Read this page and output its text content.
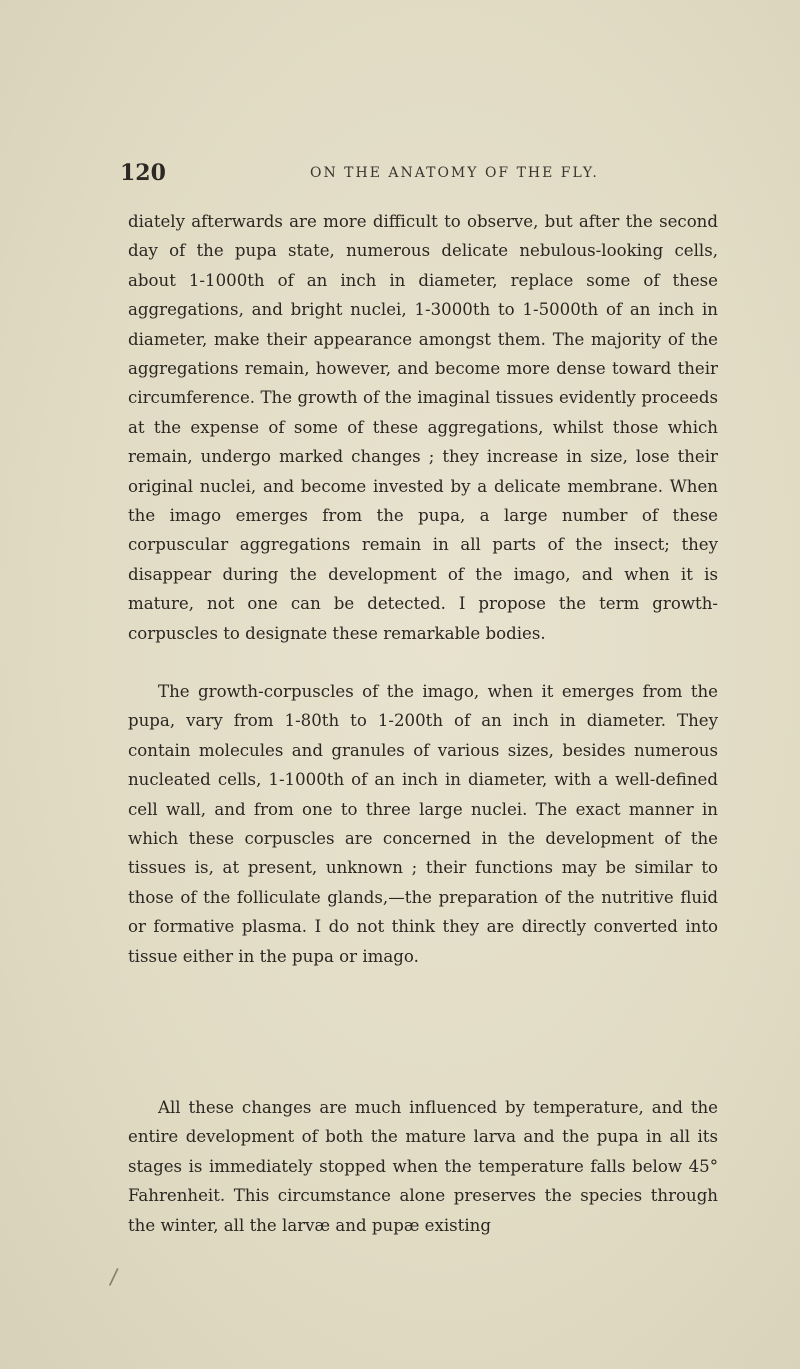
120	ON THE ANATOMY OF THE FLY.

diately afterwards are more difficult to observe, but after the second day of the pupa state, numerous delicate nebulous-looking cells, about 1-1000th of an inch in diameter, replace some of these aggregations, and bright nuclei, 1-3000th to 1-5000th of an inch in diameter, make their appearance amongst them. The majority of the aggregations remain, however, and become more dense toward their circumference. The growth of the imaginal tissues evidently proceeds at the expense of some of these aggregations, whilst those which remain, undergo marked changes ; they increase in size, lose their original nuclei, and become invested by a delicate membrane. When the imago emerges from the pupa, a large number of these corpuscular aggregations remain in all parts of the insect; they disappear during the development of the imago, and when it is mature, not one can be detected. I propose the term growth-corpuscles to designate these remarkable bodies.

The growth-corpuscles of the imago, when it emerges from the pupa, vary from 1-80th to 1-200th of an inch in diameter. They contain molecules and granules of various sizes, besides numerous nucleated cells, 1-1000th of an inch in diameter, with a well-defined cell wall, and from one to three large nuclei. The exact manner in which these corpuscles are concerned in the development of the tissues is, at present, unknown ; their functions may be similar to those of the folliculate glands,—the preparation of the nutritive fluid or formative plasma. I do not think they are directly converted into tissue either in the pupa or imago.

All these changes are much influenced by temperature, and the entire development of both the mature larva and the pupa in all its stages is immediately stopped when the temperature falls below 45° Fahrenheit. This circumstance alone preserves the species through the winter, all the larvæ and pupæ existing

/
